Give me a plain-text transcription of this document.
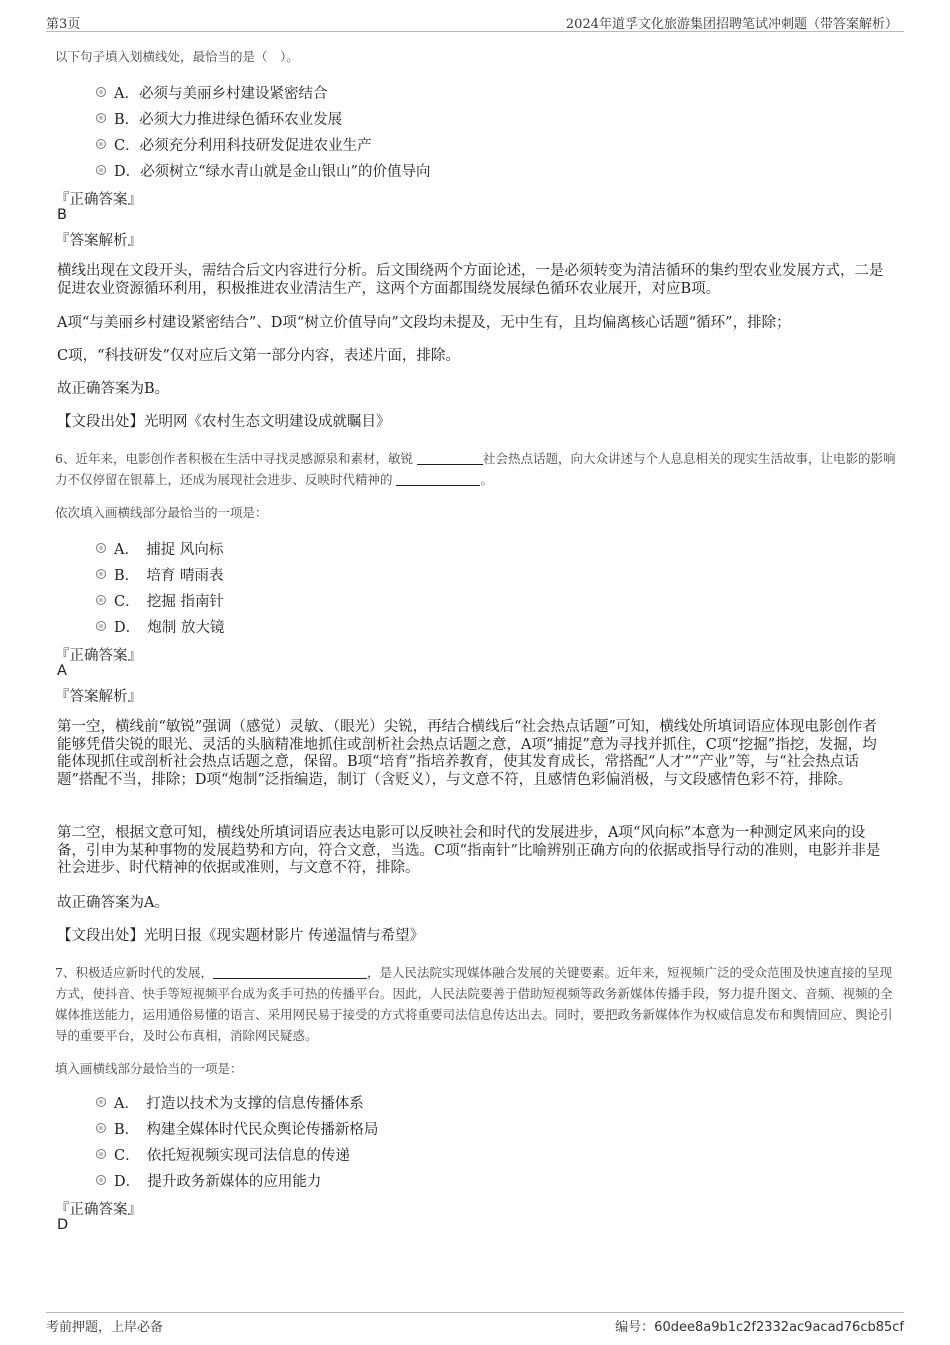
第3页	2024年道孚文化旅游集团招聘笔试冲刺题（带答案解析）
以下句子填入划横线处，最恰当的是（　）。
A．必须与美丽乡村建设紧密结合
B．必须大力推进绿色循环农业发展
C．必须充分利用科技研发促进农业生产
D．必须树立“绿水青山就是金山银山”的价值导向
『正确答案』
B
『答案解析』
横线出现在文段开头，需结合后文内容进行分析。后文围绕两个方面论述，一是必须转变为清洁循环的集约型农业发展方式，二是促进农业资源循环利用，积极推进农业清洁生产，这两个方面都围绕发展绿色循环农业展开，对应B项。
A项“与美丽乡村建设紧密结合”、D项“树立价值导向”文段均未提及，无中生有，且均偏离核心话题“循环”，排除；
C项，“科技研发”仅对应后文第一部分内容，表述片面，排除。
故正确答案为B。
【文段出处】光明网《农村生态文明建设成就瞩目》
6、近年来，电影创作者积极在生活中寻找灵感源泉和素材，敏锐	社会热点话题，向大众讲述与个人息息相关的现实生活故事，让电影的影响力不仅停留在银幕上，还成为展现社会进步、反映时代精神的	。
依次填入画横线部分最恰当的一项是：
A．　捕捉 风向标
B．　培育 晴雨表
C．　挖掘 指南针
D．　炮制 放大镜
『正确答案』
A
『答案解析』
第一空，横线前“敏锐”强调（感觉）灵敏、（眼光）尖锐，再结合横线后“社会热点话题”可知，横线处所填词语应体现电影创作者能够凭借尖锐的眼光、灵活的头脑精准地抓住或剖析社会热点话题之意，A项“捕捉”意为寻找并抓住，C项“挖掘”指挖，发掘，均能体现抓住或剖析社会热点话题之意，保留。B项“培育”指培养教育，使其发育成长，常搭配“人才”“产业”等，与“社会热点话题”搭配不当，排除；D项“炮制”泛指编造，制订（含贬义），与文意不符，且感情色彩偏消极，与文段感情色彩不符，排除。
第二空，根据文意可知，横线处所填词语应表达电影可以反映社会和时代的发展进步，A项“风向标”本意为一种测定风来向的设备，引申为某种事物的发展趋势和方向，符合文意，当选。C项“指南针”比喻辨别正确方向的依据或指导行动的准则，电影并非是社会进步、时代精神的依据或准则，与文意不符，排除。
故正确答案为A。
【文段出处】光明日报《现实题材影片 传递温情与希望》
7、积极适应新时代的发展，	，是人民法院实现媒体融合发展的关键要素。近年来，短视频广泛的受众范围及快速直接的呈现方式，使抖音、快手等短视频平台成为炙手可热的传播平台。因此，人民法院要善于借助短视频等政务新媒体传播手段，努力提升图文、音频、视频的全媒体推送能力，运用通俗易懂的语言、采用网民易于接受的方式将重要司法信息传达出去。同时，要把政务新媒体作为权威信息发布和舆情回应、舆论引导的重要平台，及时公布真相，消除网民疑惑。
填入画横线部分最恰当的一项是：
A．　打造以技术为支撑的信息传播体系
B．　构建全媒体时代民众舆论传播新格局
C．　依托短视频实现司法信息的传递
D．　提升政务新媒体的应用能力
『正确答案』
D
考前押题，上岸必备	编号：60dee8a9b1c2f2332ac9acad76cb85cf
